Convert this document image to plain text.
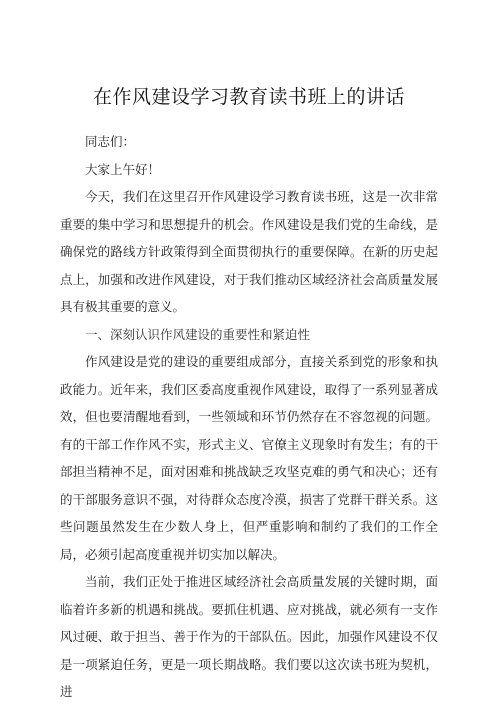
在作风建设学习教育读书班上的讲话

同志们：

大家上午好！

今天，我们在这里召开作风建设学习教育读书班，这是一次非常重要的集中学习和思想提升的机会。作风建设是我们党的生命线，是确保党的路线方针政策得到全面贯彻执行的重要保障。在新的历史起点上，加强和改进作风建设，对于我们推动区域经济社会高质量发展具有极其重要的意义。

一、深刻认识作风建设的重要性和紧迫性

作风建设是党的建设的重要组成部分，直接关系到党的形象和执政能力。近年来，我们区委高度重视作风建设，取得了一系列显著成效，但也要清醒地看到，一些领域和环节仍然存在不容忽视的问题。有的干部工作作风不实，形式主义、官僚主义现象时有发生；有的干部担当精神不足，面对困难和挑战缺乏攻坚克难的勇气和决心；还有的干部服务意识不强，对待群众态度冷漠，损害了党群干群关系。这些问题虽然发生在少数人身上，但严重影响和制约了我们的工作全局，必须引起高度重视并切实加以解决。

当前，我们正处于推进区域经济社会高质量发展的关键时期，面临着许多新的机遇和挑战。要抓住机遇、应对挑战，就必须有一支作风过硬、敢于担当、善于作为的干部队伍。因此，加强作风建设不仅是一项紧迫任务，更是一项长期战略。我们要以这次读书班为契机，进
